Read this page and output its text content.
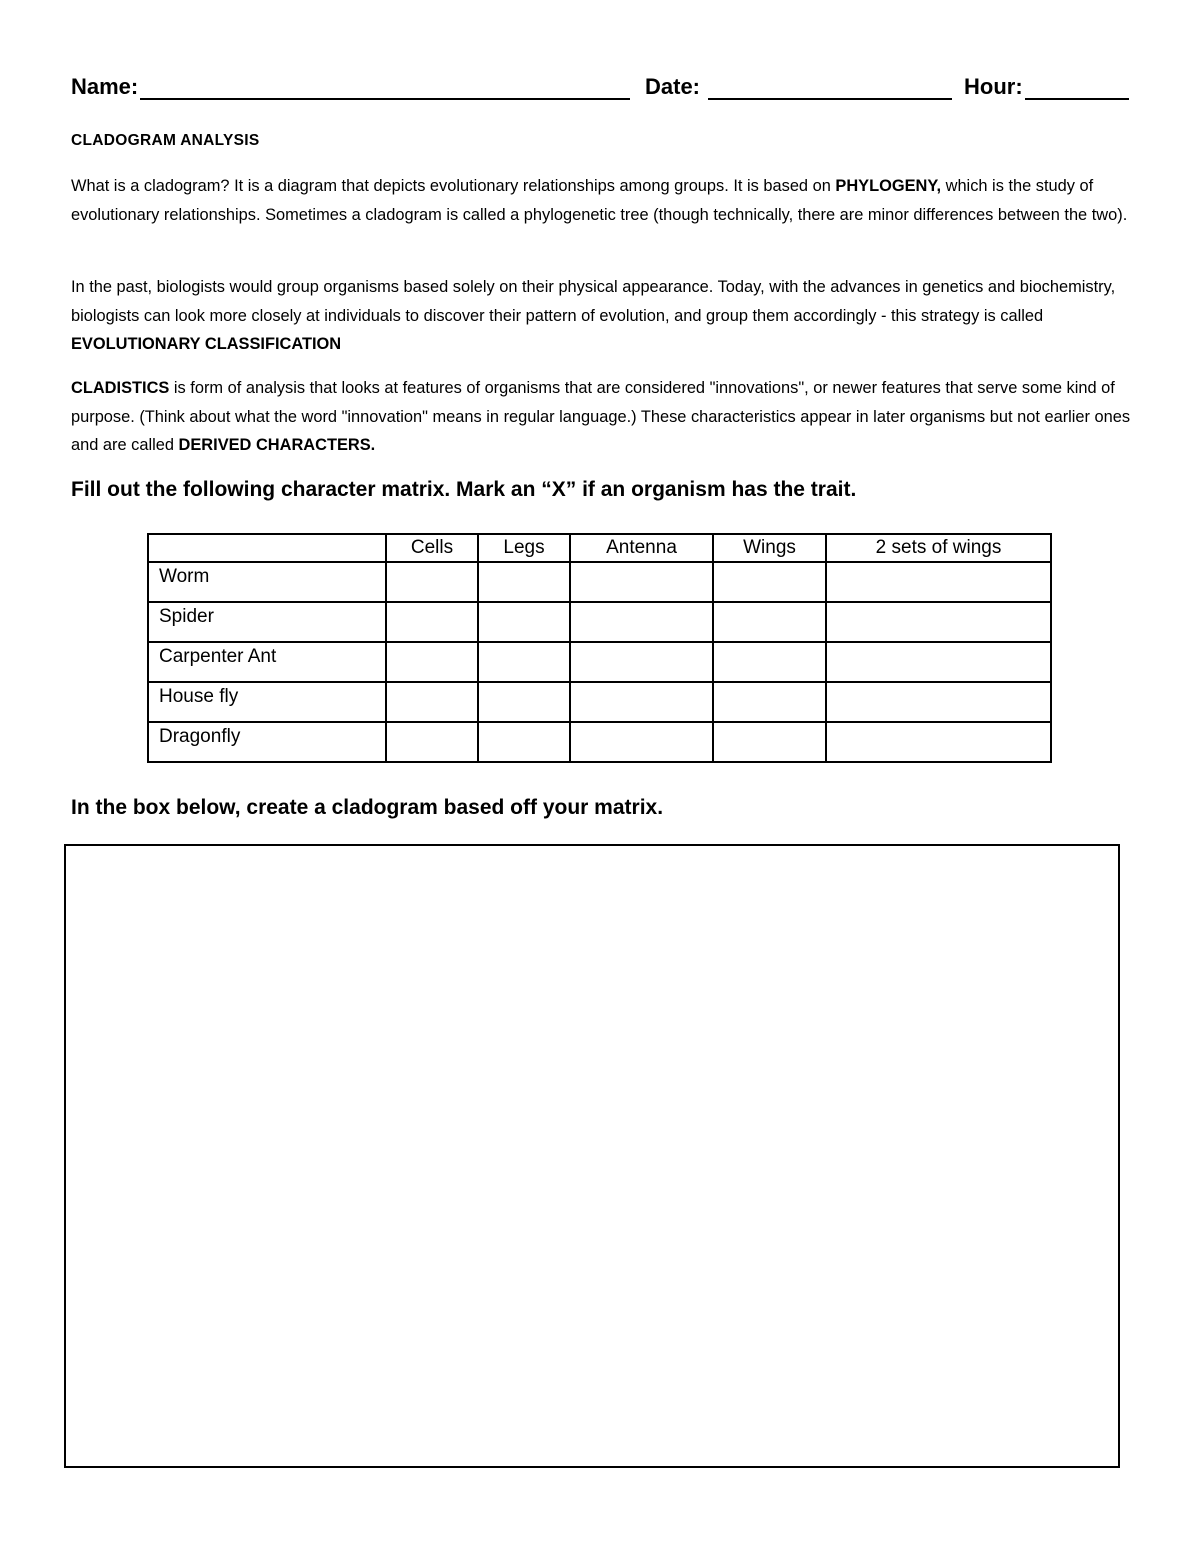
Name:	Date:	Hour:
CLADOGRAM ANALYSIS

What is a cladogram? It is a diagram that depicts evolutionary relationships among groups. It is based on PHYLOGENY, which is the study of evolutionary relationships. Sometimes a cladogram is called a phylogenetic tree (though technically, there are minor differences between the two).

In the past, biologists would group organisms based solely on their physical appearance. Today, with the advances in genetics and biochemistry, biologists can look more closely at individuals to discover their pattern of evolution, and group them accordingly - this strategy is called EVOLUTIONARY CLASSIFICATION

CLADISTICS is form of analysis that looks at features of organisms that are considered "innovations", or newer features that serve some kind of purpose. (Think about what the word "innovation" means in regular language.) These characteristics appear in later organisms but not earlier ones and are called DERIVED CHARACTERS.

Fill out the following character matrix. Mark an “X” if an organism has the trait.
	Cells	Legs	Antenna	Wings	2 sets of wings
Worm					
Spider					
Carpenter Ant					
House fly					
Dragonfly					
In the box below, create a cladogram based off your matrix.
